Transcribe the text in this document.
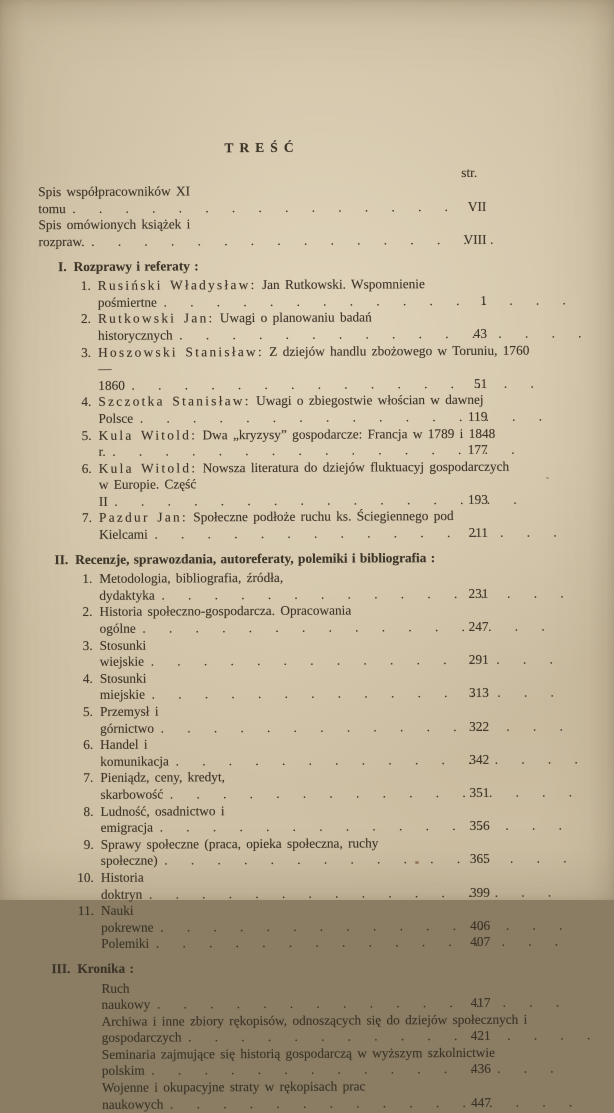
TREŚĆ
str.
Spis współpracowników XI tomu .	VII
Spis omówionych książek i rozpraw. .	VIII
I. Rozprawy i referaty :
1. Rusiński Władysław: Jan Rutkowski. Wspomnienie pośmiertne .	1
2. Rutkowski Jan: Uwagi o planowaniu badań historycznych .	43
3. Hoszowski Stanisław: Z dziejów handlu zbożowego w Toruniu, 1760—1860 .	51
4. Szczotka Stanisław: Uwagi o zbiegostwie włościan w dawnej Polsce .	119
5. Kula Witold: Dwa „kryzysy” gospodarcze: Francja w 1789 i 1848 r. .	177
6. Kula Witold: Nowsza literatura do dziejów fluktuacyj gospodarczych w Europie. Część II .	193
7. Pazdur Jan: Społeczne podłoże ruchu ks. Ściegiennego pod Kielcami .	211
II. Recenzje, sprawozdania, autoreferaty, polemiki i bibliografia :
1. Metodologia, bibliografia, źródła, dydaktyka .	231
2. Historia społeczno-gospodarcza. Opracowania ogólne .	247
3. Stosunki wiejskie .	291
4. Stosunki miejskie .	313
5. Przemysł i górnictwo .	322
6. Handel i komunikacja .	342
7. Pieniądz, ceny, kredyt, skarbowość .	351
8. Ludność, osadnictwo i emigracja .	356
9. Sprawy społeczne (praca, opieka społeczna, ruchy społeczne) .	365
10. Historia doktryn .	399
11. Nauki pokrewne .	406
Polemiki .	407
III. Kronika :
Ruch naukowy .	417
Archiwa i inne zbiory rękopisów, odnoszących się do dziejów społecznych i gospodarczych .	421
Seminaria zajmujące się historią gospodarczą w wyższym szkolnictwie polskim .	436
Wojenne i okupacyjne straty w rękopisach prac naukowych .	447
